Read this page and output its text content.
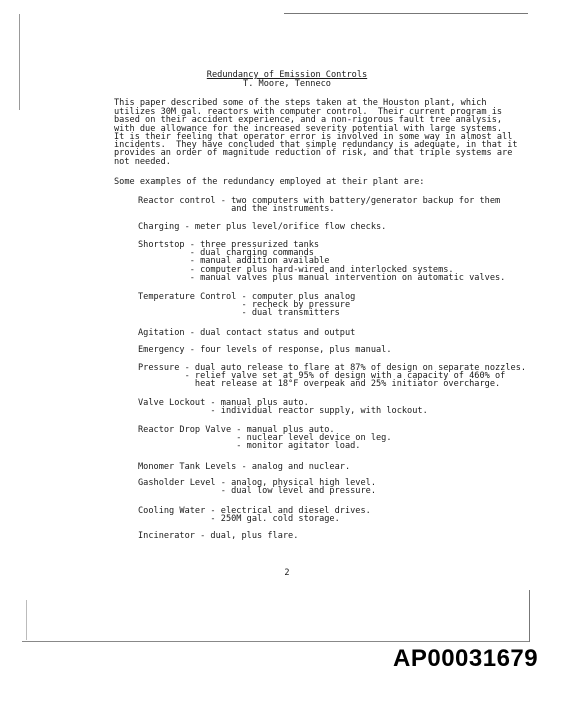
Redundancy of Emission Controls
T. Moore, Tenneco
This paper described some of the steps taken at the Houston plant, which
utilizes 30M gal. reactors with computer control.  Their current program is
based on their accident experience, and a non-rigorous fault tree analysis,
with due allowance for the increased severity potential with large systems.
It is their feeling that operator error is involved in some way in almost all
incidents.  They have concluded that simple redundancy is adequate, in that it
provides an order of magnitude reduction of risk, and that triple systems are
not needed.
Some examples of the redundancy employed at their plant are:
Reactor control - two computers with battery/generator backup for them
and the instruments.
Charging - meter plus level/orifice flow checks.
Shortstop - three pressurized tanks
- dual charging commands
- manual addition available
- computer plus hard-wired and interlocked systems.
- manual valves plus manual intervention on automatic valves.
Temperature Control - computer plus analog
- recheck by pressure
- dual transmitters
Agitation - dual contact status and output
Emergency - four levels of response, plus manual.
Pressure - dual auto release to flare at 87% of design on separate nozzles.
- relief valve set at 95% of design with a capacity of 460% of
heat release at 18°F overpeak and 25% initiator overcharge.
Valve Lockout - manual plus auto.
- individual reactor supply, with lockout.
Reactor Drop Valve - manual plus auto.
- nuclear level device on leg.
- monitor agitator load.
Monomer Tank Levels - analog and nuclear.
Gasholder Level - analog, physical high level.
- dual low level and pressure.
Cooling Water - electrical and diesel drives.
- 250M gal. cold storage.
Incinerator - dual, plus flare.
2
AP00031679
